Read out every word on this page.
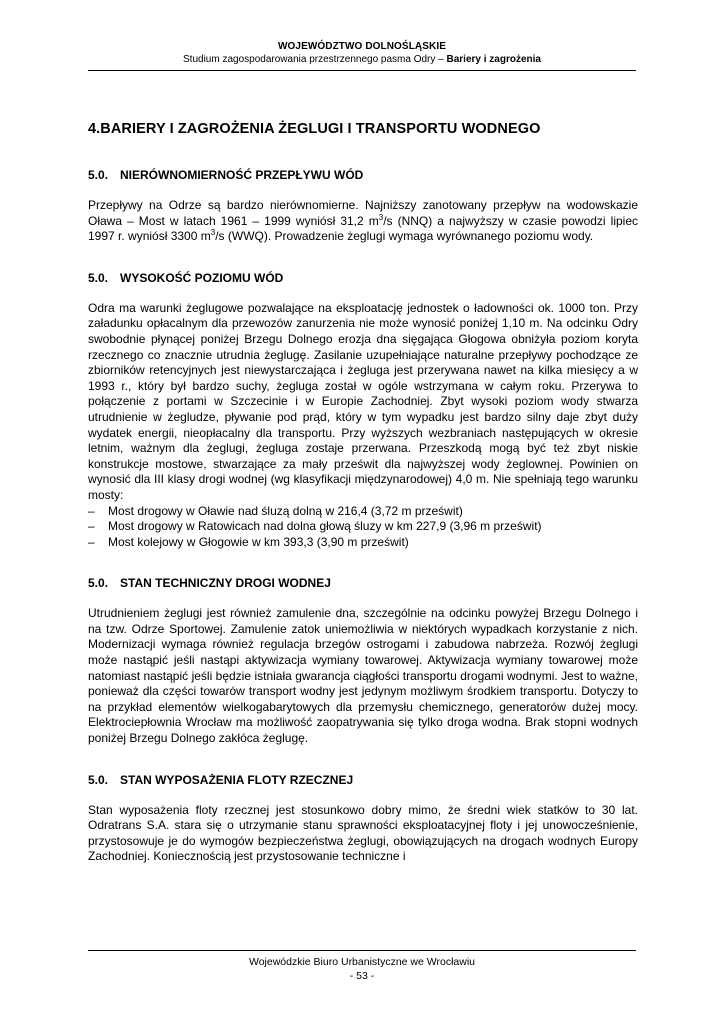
WOJEWÓDZTWO DOLNOŚLĄSKIE
Studium zagospodarowania przestrzennego pasma Odry – Bariery i zagrożenia
4.BARIERY I ZAGROŻENIA ŻEGLUGI I TRANSPORTU WODNEGO
5.0. NIERÓWNOMIERNOŚĆ PRZEPŁYWU WÓD

Przepływy na Odrze są bardzo nierównomierne. Najniższy zanotowany przepływ na wodowskazie Oława – Most w latach 1961 – 1999 wyniósł 31,2 $m^3/s$ (NNQ) a najwyższy w czasie powodzi lipiec 1997 r. wyniósł 3300 $m^3/s$ (WWQ). Prowadzenie żeglugi wymaga wyrównanego poziomu wody.

5.0. WYSOKOŚĆ POZIOMU WÓD

Odra ma warunki żeglugowe pozwalające na eksploatację jednostek o ładowności ok. 1000 ton. Przy załadunku opłacalnym dla przewozów zanurzenia nie może wynosić poniżej 1,10 m. Na odcinku Odry swobodnie płynącej poniżej Brzegu Dolnego erozja dna sięgająca Głogowa obniżyła poziom koryta rzecznego co znacznie utrudnia żeglugę. Zasilanie uzupełniające naturalne przepływy pochodzące ze zbiorników retencyjnych jest niewystarczająca i żegluga jest przerywana nawet na kilka miesięcy a w 1993 r., który był bardzo suchy, żegluga został w ogóle wstrzymana w całym roku. Przerywa to połączenie z portami w Szczecinie i w Europie Zachodniej. Zbyt wysoki poziom wody stwarza utrudnienie w żegludze, pływanie pod prąd, który w tym wypadku jest bardzo silny daje zbyt duży wydatek energii, nieopłacalny dla transportu. Przy wyższych wezbraniach następujących w okresie letnim, ważnym dla żeglugi, żegluga zostaje przerwana. Przeszkodą mogą być też zbyt niskie konstrukcje mostowe, stwarzające za mały prześwit dla najwyższej wody żeglownej. Powinien on wynosić dla III klasy drogi wodnej (wg klasyfikacji międzynarodowej) 4,0 m. Nie spełniają tego warunku mosty:

– Most drogowy w Oławie nad śluzą dolną w 216,4 (3,72 m prześwit)
– Most drogowy w Ratowicach nad dolna głową śluzy w km 227,9 (3,96 m prześwit)
– Most kolejowy w Głogowie w km 393,3 (3,90 m prześwit)
5.0. STAN TECHNICZNY DROGI WODNEJ

Utrudnieniem żeglugi jest również zamulenie dna, szczególnie na odcinku powyżej Brzegu Dolnego i na tzw. Odrze Sportowej. Zamulenie zatok uniemożliwia w niektórych wypadkach korzystanie z nich. Modernizacji wymaga również regulacja brzegów ostrogami i zabudowa nabrzeża. Rozwój żeglugi może nastąpić jeśli nastąpi aktywizacja wymiany towarowej. Aktywizacja wymiany towarowej może natomiast nastąpić jeśli będzie istniała gwarancja ciągłości transportu drogami wodnymi. Jest to ważne, ponieważ dla części towarów transport wodny jest jedynym możliwym środkiem transportu. Dotyczy to na przykład elementów wielkogabarytowych dla przemysłu chemicznego, generatorów dużej mocy. Elektrociepłownia Wrocław ma możliwość zaopatrywania się tylko droga wodna. Brak stopni wodnych poniżej Brzegu Dolnego zakłóca żeglugę.

5.0. STAN WYPOSAŻENIA FLOTY RZECZNEJ

Stan wyposażenia floty rzecznej jest stosunkowo dobry mimo, że średni wiek statków to 30 lat. Odratrans S.A. stara się o utrzymanie stanu sprawności eksploatacyjnej floty i jej unowocześnienie, przystosowuje je do wymogów bezpieczeństwa żeglugi, obowiązujących na drogach wodnych Europy Zachodniej. Koniecznością jest przystosowanie techniczne i

Wojewódzkie Biuro Urbanistyczne we Wrocławiu
- 53 -
